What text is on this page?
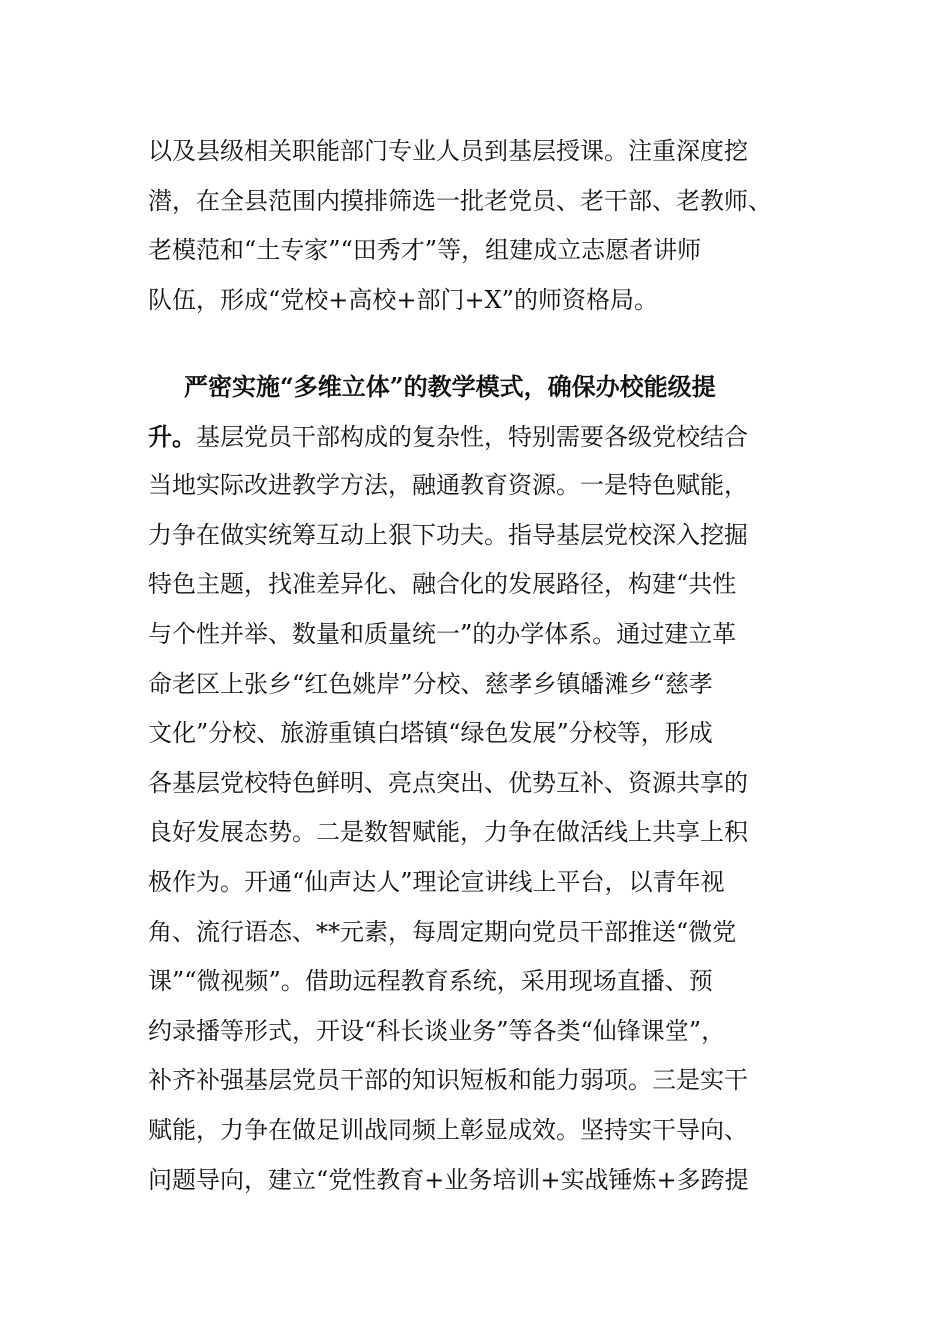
以及县级相关职能部门专业人员到基层授课。注重深度挖
潜，在全县范围内摸排筛选一批老党员、老干部、老教师、
老模范和“土专家”“田秀才”等，组建成立志愿者讲师
队伍，形成“党校+高校+部门+X”的师资格局。
严密实施“多维立体”的教学模式，确保办校能级提
升。基层党员干部构成的复杂性，特别需要各级党校结合
当地实际改进教学方法，融通教育资源。一是特色赋能，
力争在做实统筹互动上狠下功夫。指导基层党校深入挖掘
特色主题，找准差异化、融合化的发展路径，构建“共性
与个性并举、数量和质量统一”的办学体系。通过建立革
命老区上张乡“红色姚岸”分校、慈孝乡镇皤滩乡“慈孝
文化”分校、旅游重镇白塔镇“绿色发展”分校等，形成
各基层党校特色鲜明、亮点突出、优势互补、资源共享的
良好发展态势。二是数智赋能，力争在做活线上共享上积
极作为。开通“仙声达人”理论宣讲线上平台，以青年视
角、流行语态、**元素，每周定期向党员干部推送“微党
课”“微视频”。借助远程教育系统，采用现场直播、预
约录播等形式，开设“科长谈业务”等各类“仙锋课堂”，
补齐补强基层党员干部的知识短板和能力弱项。三是实干
赋能，力争在做足训战同频上彰显成效。坚持实干导向、
问题导向，建立“党性教育+业务培训+实战锤炼+多跨提
